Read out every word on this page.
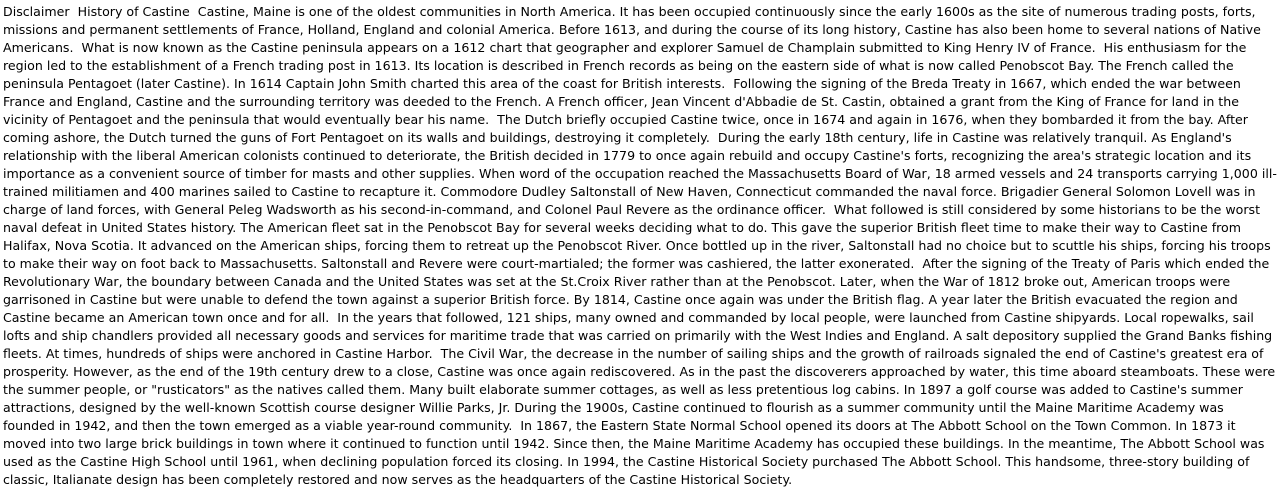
Disclaimer  History of Castine  Castine, Maine is one of the oldest communities in North America. It has been occupied continuously since the early 1600s as the site of numerous trading posts, forts, missions and permanent settlements of France, Holland, England and colonial America. Before 1613, and during the course of its long history, Castine has also been home to several nations of Native Americans.  What is now known as the Castine peninsula appears on a 1612 chart that geographer and explorer Samuel de Champlain submitted to King Henry IV of France.  His enthusiasm for the region led to the establishment of a French trading post in 1613. Its location is described in French records as being on the eastern side of what is now called Penobscot Bay. The French called the peninsula Pentagoet (later Castine). In 1614 Captain John Smith charted this area of the coast for British interests.  Following the signing of the Breda Treaty in 1667, which ended the war between France and England, Castine and the surrounding territory was deeded to the French. A French officer, Jean Vincent d'Abbadie de St. Castin, obtained a grant from the King of France for land in the vicinity of Pentagoet and the peninsula that would eventually bear his name.  The Dutch briefly occupied Castine twice, once in 1674 and again in 1676, when they bombarded it from the bay. After coming ashore, the Dutch turned the guns of Fort Pentagoet on its walls and buildings, destroying it completely.  During the early 18th century, life in Castine was relatively tranquil. As England's relationship with the liberal American colonists continued to deteriorate, the British decided in 1779 to once again rebuild and occupy Castine's forts, recognizing the area's strategic location and its importance as a convenient source of timber for masts and other supplies. When word of the occupation reached the Massachusetts Board of War, 18 armed vessels and 24 transports carrying 1,000 ill-trained militiamen and 400 marines sailed to Castine to recapture it. Commodore Dudley Saltonstall of New Haven, Connecticut commanded the naval force. Brigadier General Solomon Lovell was in charge of land forces, with General Peleg Wadsworth as his second-in-command, and Colonel Paul Revere as the ordinance officer.  What followed is still considered by some historians to be the worst naval defeat in United States history. The American fleet sat in the Penobscot Bay for several weeks deciding what to do. This gave the superior British fleet time to make their way to Castine from Halifax, Nova Scotia. It advanced on the American ships, forcing them to retreat up the Penobscot River. Once bottled up in the river, Saltonstall had no choice but to scuttle his ships, forcing his troops to make their way on foot back to Massachusetts. Saltonstall and Revere were court-martialed; the former was cashiered, the latter exonerated.  After the signing of the Treaty of Paris which ended the Revolutionary War, the boundary between Canada and the United States was set at the St.Croix River rather than at the Penobscot. Later, when the War of 1812 broke out, American troops were garrisoned in Castine but were unable to defend the town against a superior British force. By 1814, Castine once again was under the British flag. A year later the British evacuated the region and Castine became an American town once and for all.  In the years that followed, 121 ships, many owned and commanded by local people, were launched from Castine shipyards. Local ropewalks, sail lofts and ship chandlers provided all necessary goods and services for maritime trade that was carried on primarily with the West Indies and England. A salt depository supplied the Grand Banks fishing fleets. At times, hundreds of ships were anchored in Castine Harbor.  The Civil War, the decrease in the number of sailing ships and the growth of railroads signaled the end of Castine's greatest era of prosperity. However, as the end of the 19th century drew to a close, Castine was once again rediscovered. As in the past the discoverers approached by water, this time aboard steamboats. These were the summer people, or "rusticators" as the natives called them. Many built elaborate summer cottages, as well as less pretentious log cabins. In 1897 a golf course was added to Castine's summer attractions, designed by the well-known Scottish course designer Willie Parks, Jr. During the 1900s, Castine continued to flourish as a summer community until the Maine Maritime Academy was founded in 1942, and then the town emerged as a viable year-round community.  In 1867, the Eastern State Normal School opened its doors at The Abbott School on the Town Common. In 1873 it moved into two large brick buildings in town where it continued to function until 1942. Since then, the Maine Maritime Academy has occupied these buildings. In the meantime, The Abbott School was used as the Castine High School until 1961, when declining population forced its closing. In 1994, the Castine Historical Society purchased The Abbott School. This handsome, three-story building of classic, Italianate design has been completely restored and now serves as the headquarters of the Castine Historical Society.
